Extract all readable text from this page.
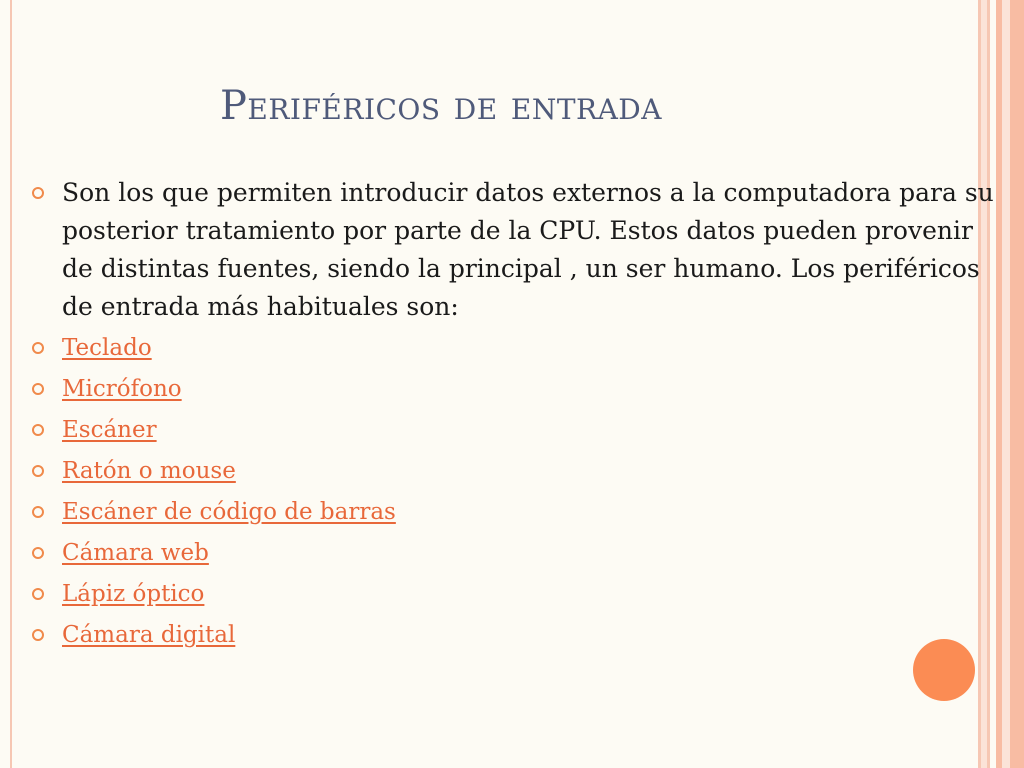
Periféricos de entrada
Son los que permiten introducir datos externos a la computadora para su posterior tratamiento por parte de la CPU. Estos datos pueden provenir de distintas fuentes, siendo la principal , un ser humano. Los periféricos de entrada más habituales son:
Teclado
Micrófono
Escáner
Ratón o mouse
Escáner de código de barras
Cámara web
Lápiz óptico
Cámara digital
